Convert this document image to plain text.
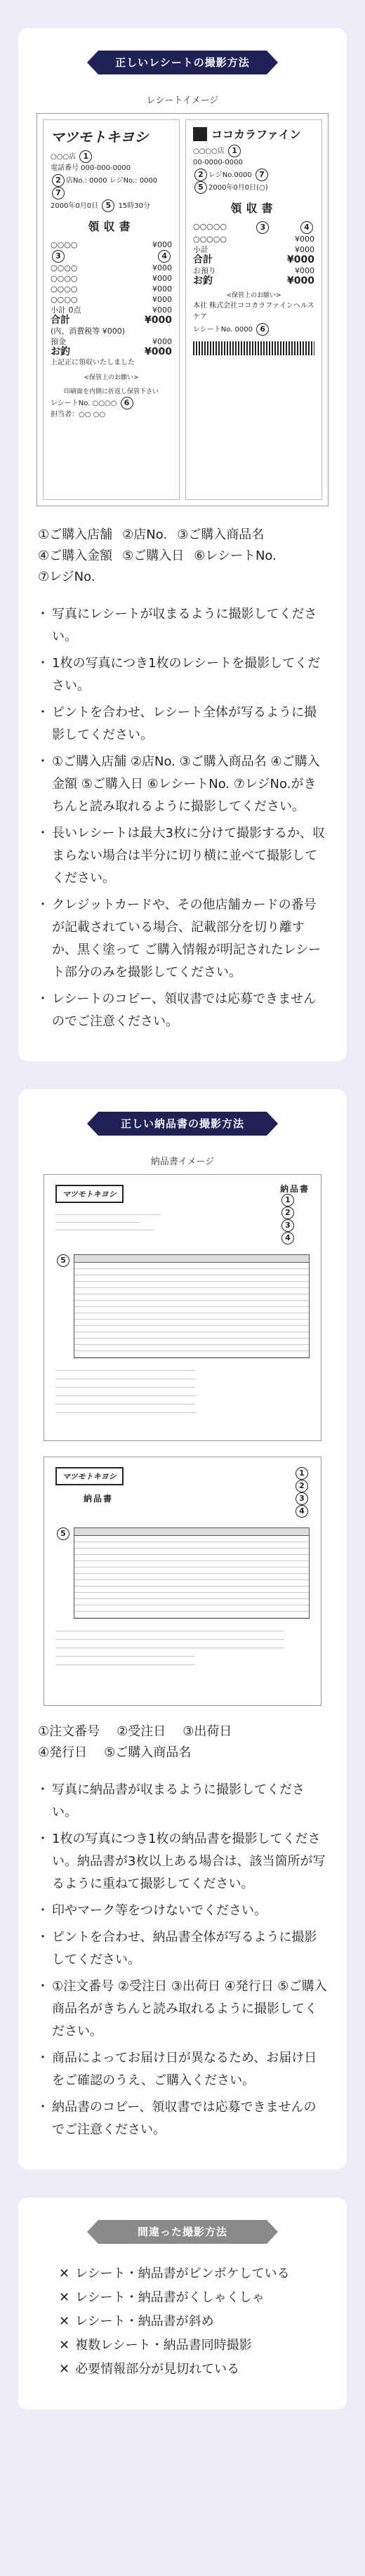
正しいレシートの撮影方法
レシートイメージ
マツモトキヨシ
○○○店 1
電話番号 000-000-0000
2 店No.: 0000 レジNo.: 00007
2000年0月0日 5 15時30分
領収書
○○○○	¥000
3	4
○○○○	¥000
○○○○	¥000
○○○○	¥000
○○○○	¥000
小計 0点	¥000
合計	¥000
(内、消費税等 ¥000)
預金	¥000
お釣	¥000
上記正に領収いたしました
<保管上のお願い>
印刷面を内側に折返し保管下さい
レシートNo. ○○○○ 6
担当者：○○ ○○
ココカラファイン
○○○○店 1
00-0000-0000
2 レジNo.0000 7
5 2000年0月0日(○)
領収書
○○○○○	3	4
○○○○○	¥000
小計	¥000
合計	¥000
お預り	¥000
お釣	¥000
<保管上のお願い>
本社 株式会社ココカラファインヘルスケア
レシートNo. 0000 6
①ご購入店舗 ②店No. ③ご購入商品名
④ご購入金額 ⑤ご購入日 ⑥レシートNo.
⑦レジNo.
・ 写真にレシートが収まるように撮影してください。
・ 1枚の写真につき1枚のレシートを撮影してください。
・ ピントを合わせ、レシート全体が写るように撮影してください。
・ ①ご購入店舗 ②店No. ③ご購入商品名 ④ご購入金額 ⑤ご購入日 ⑥レシートNo. ⑦レジNo.がきちんと読み取れるように撮影してください。
・ 長いレシートは最大3枚に分けて撮影するか、収まらない場合は半分に切り横に並べて撮影してください。
・ クレジットカードや、その他店舗カードの番号が記載されている場合、記載部分を切り離すか、黒く塗って ご購入情報が明記されたレシート部分のみを撮影してください。
・ レシートのコピー、領収書では応募できませんのでご注意ください。
正しい納品書の撮影方法
納品書イメージ
マツモトキヨシ
納品書
1
2
3
4
5
マツモトキヨシ
納品書
1
2
3
4
5
①注文番号 ②受注日 ③出荷日
④発行日 ⑤ご購入商品名
・ 写真に納品書が収まるように撮影してください。
・ 1枚の写真につき1枚の納品書を撮影してください。納品書が3枚以上ある場合は、該当箇所が写るように重ねて撮影してください。
・ 印やマーク等をつけないでください。
・ ピントを合わせ、納品書全体が写るように撮影してください。
・ ①注文番号 ②受注日 ③出荷日 ④発行日 ⑤ご購入商品名がきちんと読み取れるように撮影してください。
・ 商品によってお届け日が異なるため、お届け日をご確認のうえ、ご購入ください。
・ 納品書のコピー、領収書では応募できませんのでご注意ください。
間違った撮影方法
✕ レシート・納品書がピンボケしている
✕ レシート・納品書がくしゃくしゃ
✕ レシート・納品書が斜め
✕ 複数レシート・納品書同時撮影
✕ 必要情報部分が見切れている
